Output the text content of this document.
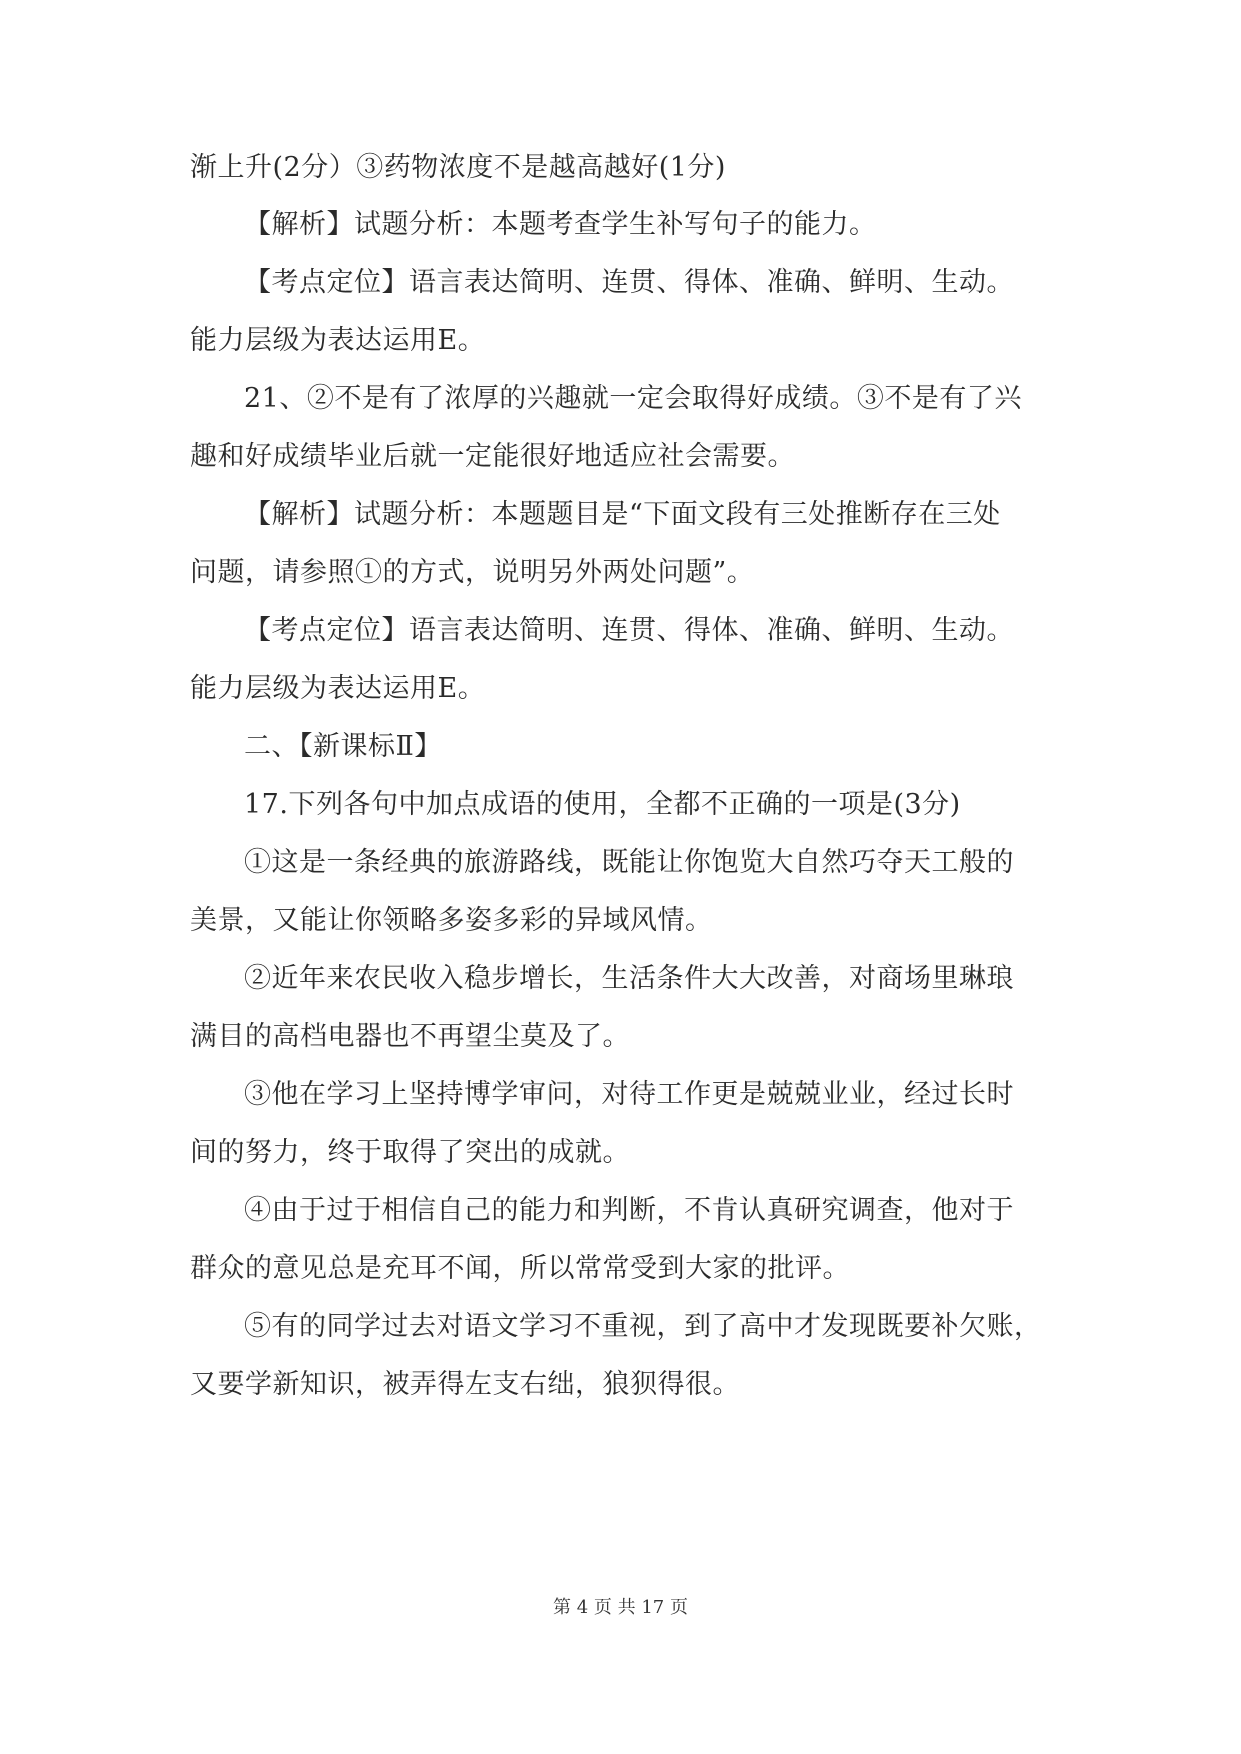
渐上升(2分）③药物浓度不是越高越好(1分)
【解析】试题分析：本题考查学生补写句子的能力。
【考点定位】语言表达简明、连贯、得体、准确、鲜明、生动。
能力层级为表达运用E。
21、②不是有了浓厚的兴趣就一定会取得好成绩。③不是有了兴
趣和好成绩毕业后就一定能很好地适应社会需要。
【解析】试题分析：本题题目是“下面文段有三处推断存在三处
问题，请参照①的方式，说明另外两处问题”。
【考点定位】语言表达简明、连贯、得体、准确、鲜明、生动。
能力层级为表达运用E。
二、【新课标Ⅱ】
17.下列各句中加点成语的使用，全都不正确的一项是(3分)
①这是一条经典的旅游路线，既能让你饱览大自然巧夺天工般的
美景，又能让你领略多姿多彩的异域风情。
②近年来农民收入稳步增长，生活条件大大改善，对商场里琳琅
满目的高档电器也不再望尘莫及了。
③他在学习上坚持博学审问，对待工作更是兢兢业业，经过长时
间的努力，终于取得了突出的成就。
④由于过于相信自己的能力和判断，不肯认真研究调查，他对于
群众的意见总是充耳不闻，所以常常受到大家的批评。
⑤有的同学过去对语文学习不重视，到了高中才发现既要补欠账，
又要学新知识，被弄得左支右绌，狼狈得很。
第 4 页 共 17 页
